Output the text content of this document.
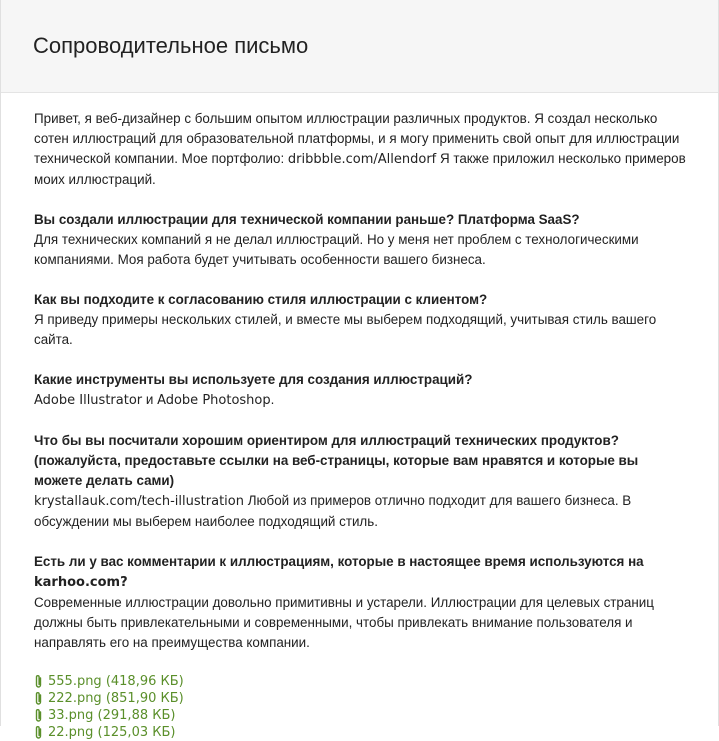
Сопроводительное письмо

Привет, я веб-дизайнер с большим опытом иллюстрации различных продуктов. Я создал несколько сотен иллюстраций для образовательной платформы, и я могу применить свой опыт для иллюстрации технической компании. Мое портфолио: dribbble.com/Allendorf Я также приложил несколько примеров моих иллюстраций.

Вы создали иллюстрации для технической компании раньше? Платформа SaaS?
Для технических компаний я не делал иллюстраций. Но у меня нет проблем с технологическими компаниями. Моя работа будет учитывать особенности вашего бизнеса.

Как вы подходите к согласованию стиля иллюстрации с клиентом?
Я приведу примеры нескольких стилей, и вместе мы выберем подходящий, учитывая стиль вашего сайта.

Какие инструменты вы используете для создания иллюстраций?
Adobe Illustrator и Adobe Photoshop.

Что бы вы посчитали хорошим ориентиром для иллюстраций технических продуктов? (пожалуйста, предоставьте ссылки на веб-страницы, которые вам нравятся и которые вы можете делать сами)
krystallauk.com/tech-illustration Любой из примеров отлично подходит для вашего бизнеса. В обсуждении мы выберем наиболее подходящий стиль.

Есть ли у вас комментарии к иллюстрациям, которые в настоящее время используются на karhoo.com?
Современные иллюстрации довольно примитивны и устарели. Иллюстрации для целевых страниц должны быть привлекательными и современными, чтобы привлекать внимание пользователя и направлять его на преимущества компании.

555.png (418,96 КБ)
222.png (851,90 КБ)
33.png (291,88 КБ)
22.png (125,03 КБ)
